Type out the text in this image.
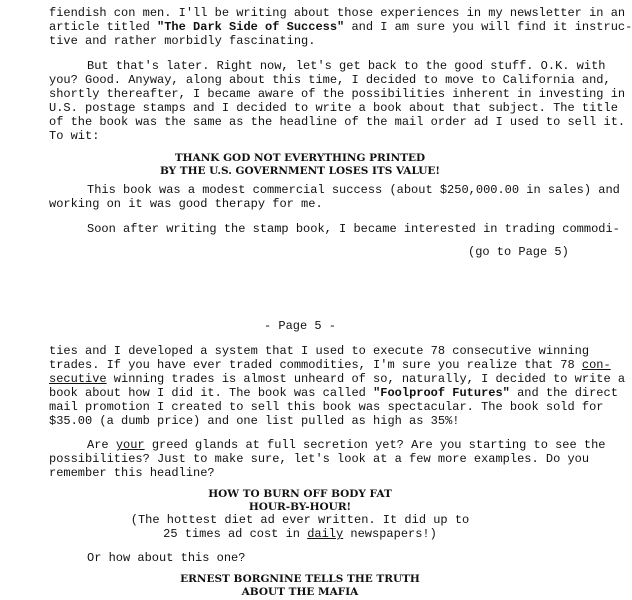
fiendish con men. I'll be writing about those experiences in my newsletter in an
article titled "The Dark Side of Success" and I am sure you will find it instruc-
tive and rather morbidly fascinating.
But that's later. Right now, let's get back to the good stuff. O.K. with
you? Good. Anyway, along about this time, I decided to move to California and,
shortly thereafter, I became aware of the possibilities inherent in investing in
U.S. postage stamps and I decided to write a book about that subject. The title
of the book was the same as the headline of the mail order ad I used to sell it.
To wit:
THANK GOD NOT EVERYTHING PRINTED
BY THE U.S. GOVERNMENT LOSES ITS VALUE!
This book was a modest commercial success (about $250,000.00 in sales) and
working on it was good therapy for me.
Soon after writing the stamp book, I became interested in trading commodi-
(go to Page 5)
- Page 5 -
ties and I developed a system that I used to execute 78 consecutive winning
trades. If you have ever traded commodities, I'm sure you realize that 78 con-
secutive winning trades is almost unheard of so, naturally, I decided to write a
book about how I did it. The book was called "Foolproof Futures" and the direct
mail promotion I created to sell this book was spectacular. The book sold for
$35.00 (a dumb price) and one list pulled as high as 35%!
Are your greed glands at full secretion yet? Are you starting to see the
possibilities? Just to make sure, let's look at a few more examples. Do you
remember this headline?
HOW TO BURN OFF BODY FAT
HOUR-BY-HOUR!
(The hottest diet ad ever written. It did up to
25 times ad cost in daily newspapers!)
Or how about this one?
ERNEST BORGNINE TELLS THE TRUTH
ABOUT THE MAFIA
